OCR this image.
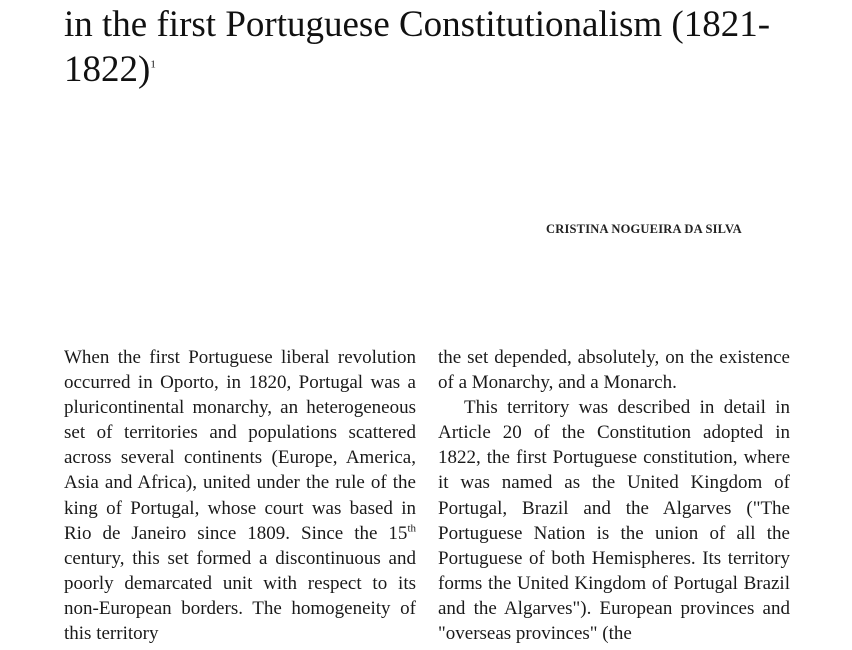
in the first Portuguese Constitutionalism (1821-1822)$^1$

CRISTINA NOGUEIRA DA SILVA

When the first Portuguese liberal revolution occurred in Oporto, in 1820, Portugal was a pluricontinental monarchy, an heterogeneous set of territories and populations scattered across several continents (Europe, America, Asia and Africa), united under the rule of the king of Portugal, whose court was based in Rio de Janeiro since 1809. Since the 15th century, this set formed a discontinuous and poorly demarcated unit with respect to its non-European borders. The homogeneity of this territory

the set depended, absolutely, on the existence of a Monarchy, and a Monarch.

This territory was described in detail in Article 20 of the Constitution adopted in 1822, the first Portuguese constitution, where it was named as the United Kingdom of Portugal, Brazil and the Algarves ("The Portuguese Nation is the union of all the Portuguese of both Hemispheres. Its territory forms the United Kingdom of Portugal Brazil and the Algarves"). European provinces and "overseas provinces" (the
